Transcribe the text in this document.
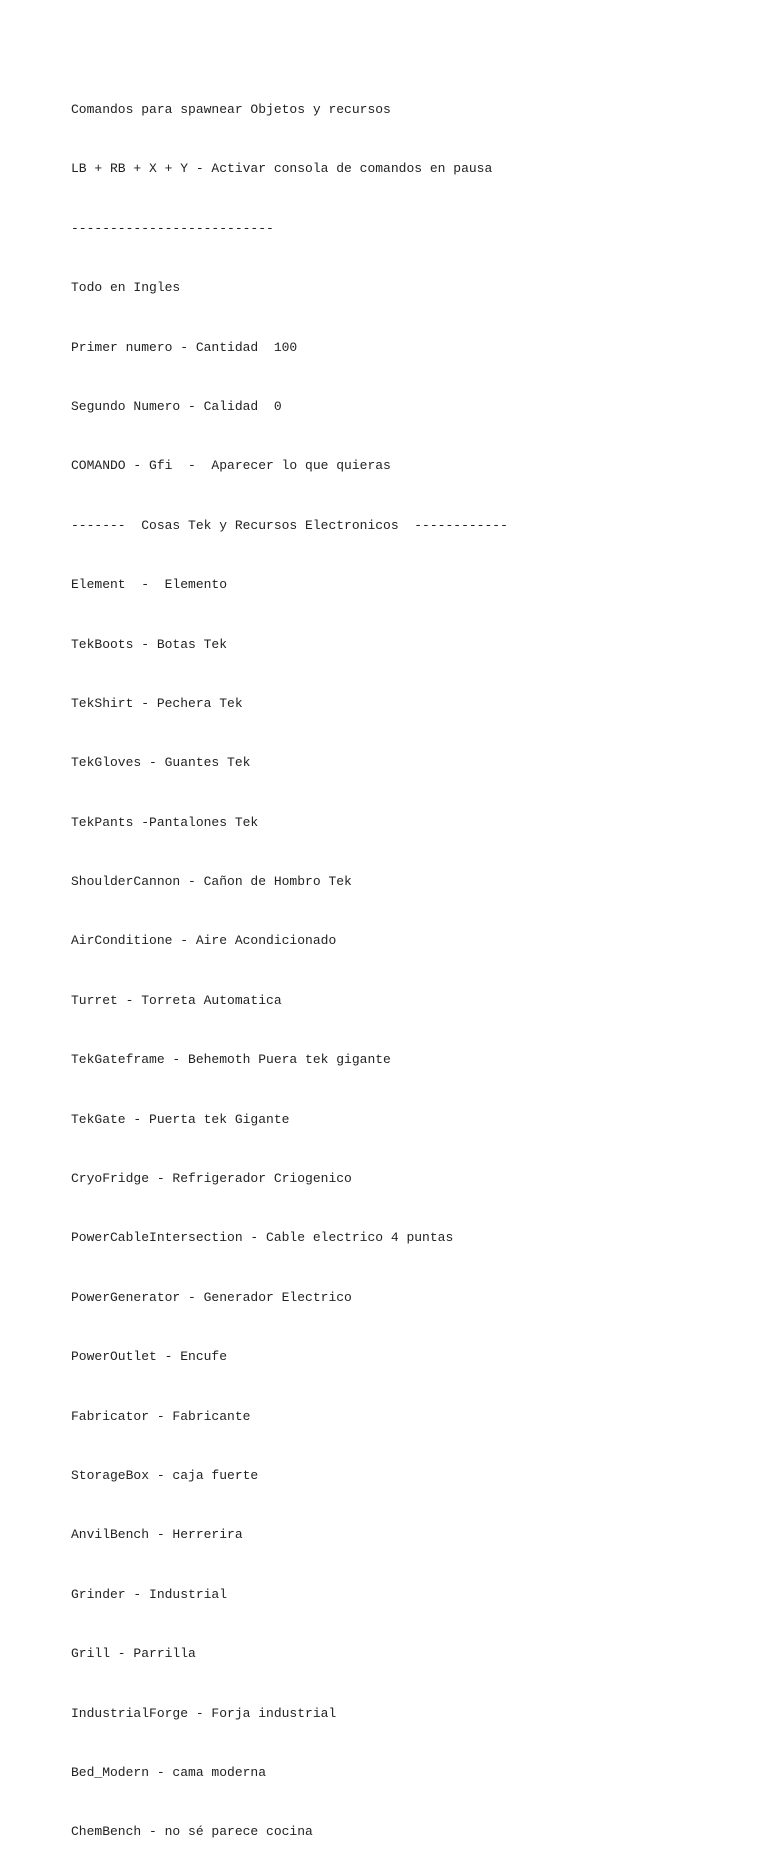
Comandos para spawnear Objetos y recursos

LB + RB + X + Y - Activar consola de comandos en pausa

--------------------------

Todo en Ingles

Primer numero - Cantidad  100

Segundo Numero - Calidad  0

COMANDO - Gfi  -  Aparecer lo que quieras

-------  Cosas Tek y Recursos Electronicos  ------------

Element  -  Elemento

TekBoots - Botas Tek

TekShirt - Pechera Tek

TekGloves - Guantes Tek

TekPants -Pantalones Tek

ShoulderCannon - Cañon de Hombro Tek

AirConditione - Aire Acondicionado

Turret - Torreta Automatica

TekGateframe - Behemoth Puera tek gigante

TekGate - Puerta tek Gigante

CryoFridge - Refrigerador Criogenico

PowerCableIntersection - Cable electrico 4 puntas

PowerGenerator - Generador Electrico

PowerOutlet - Encufe

Fabricator - Fabricante

StorageBox - caja fuerte

AnvilBench - Herrerira

Grinder - Industrial

Grill - Parrilla

IndustrialForge - Forja industrial

Bed_Modern - cama moderna

ChemBench - no sé parece cocina
